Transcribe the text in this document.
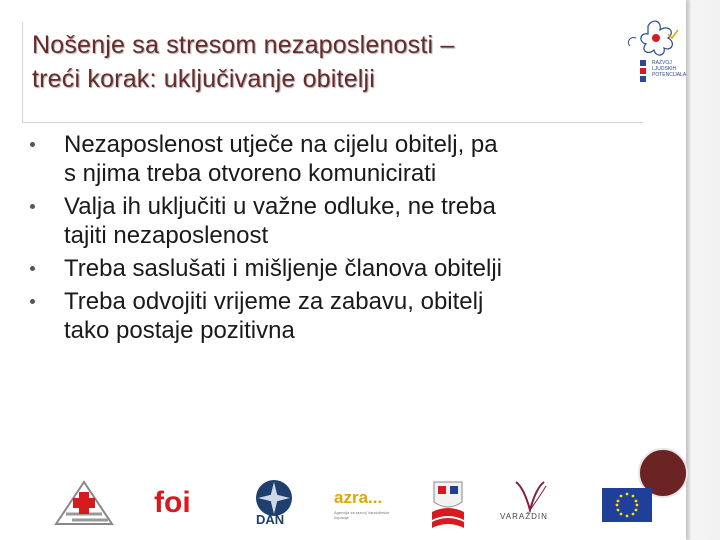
Nošenje sa stresom nezaposlenosti –
treći korak: uključivanje obitelji
RAZVOJ
LJUDSKIH
POTENCIJALA
Nezaposlenost utječe na cijelu obitelj, pa
s njima treba otvoreno komunicirati
Valja ih uključiti u važne odluke, ne treba
tajiti nezaposlenost
Treba saslušati i mišljenje članova obitelji
Treba odvojiti vrijeme za zabavu, obitelj
tako postaje pozitivna
foi
DAN
azra...
Agencija za razvoj Varaždinske županije	VARAŽDIN
